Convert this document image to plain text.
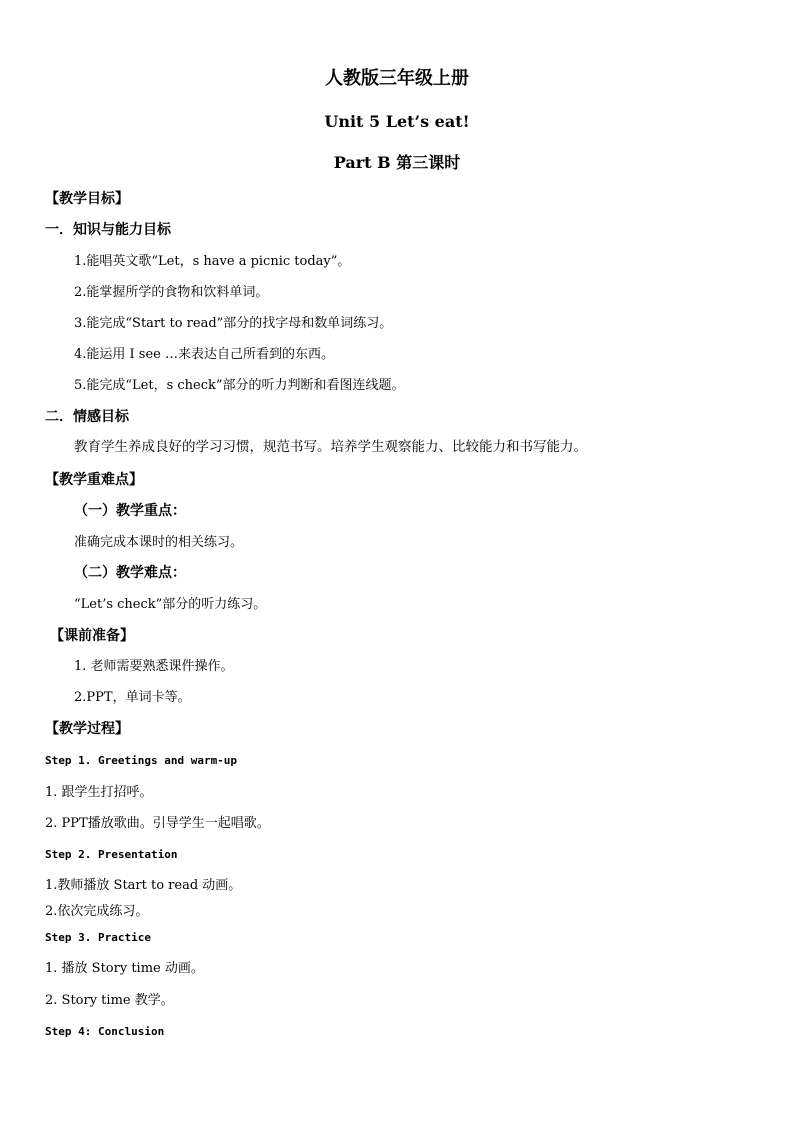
人教版三年级上册
Unit 5 Let’s eat!
Part B 第三课时
【教学目标】
一．知识与能力目标
1.能唱英文歌“Let，s have a picnic today”。
2.能掌握所学的食物和饮料单词。
3.能完成“Start to read”部分的找字母和数单词练习。
4.能运用 I see …来表达自己所看到的东西。
5.能完成“Let，s check”部分的听力判断和看图连线题。
二．情感目标
教育学生养成良好的学习习惯，规范书写。培养学生观察能力、比较能力和书写能力。
【教学重难点】
（一）教学重点：
准确完成本课时的相关练习。
（二）教学难点：
“Let’s check”部分的听力练习。
【课前准备】
1. 老师需要熟悉课件操作。
2.PPT，单词卡等。
【教学过程】
Step 1. Greetings and warm-up
1. 跟学生打招呼。
2. PPT播放歌曲。引导学生一起唱歌。
Step 2. Presentation
1.教师播放 Start to read 动画。
2.依次完成练习。
Step 3. Practice
1. 播放 Story time 动画。
2. Story time 教学。
Step 4: Conclusion
